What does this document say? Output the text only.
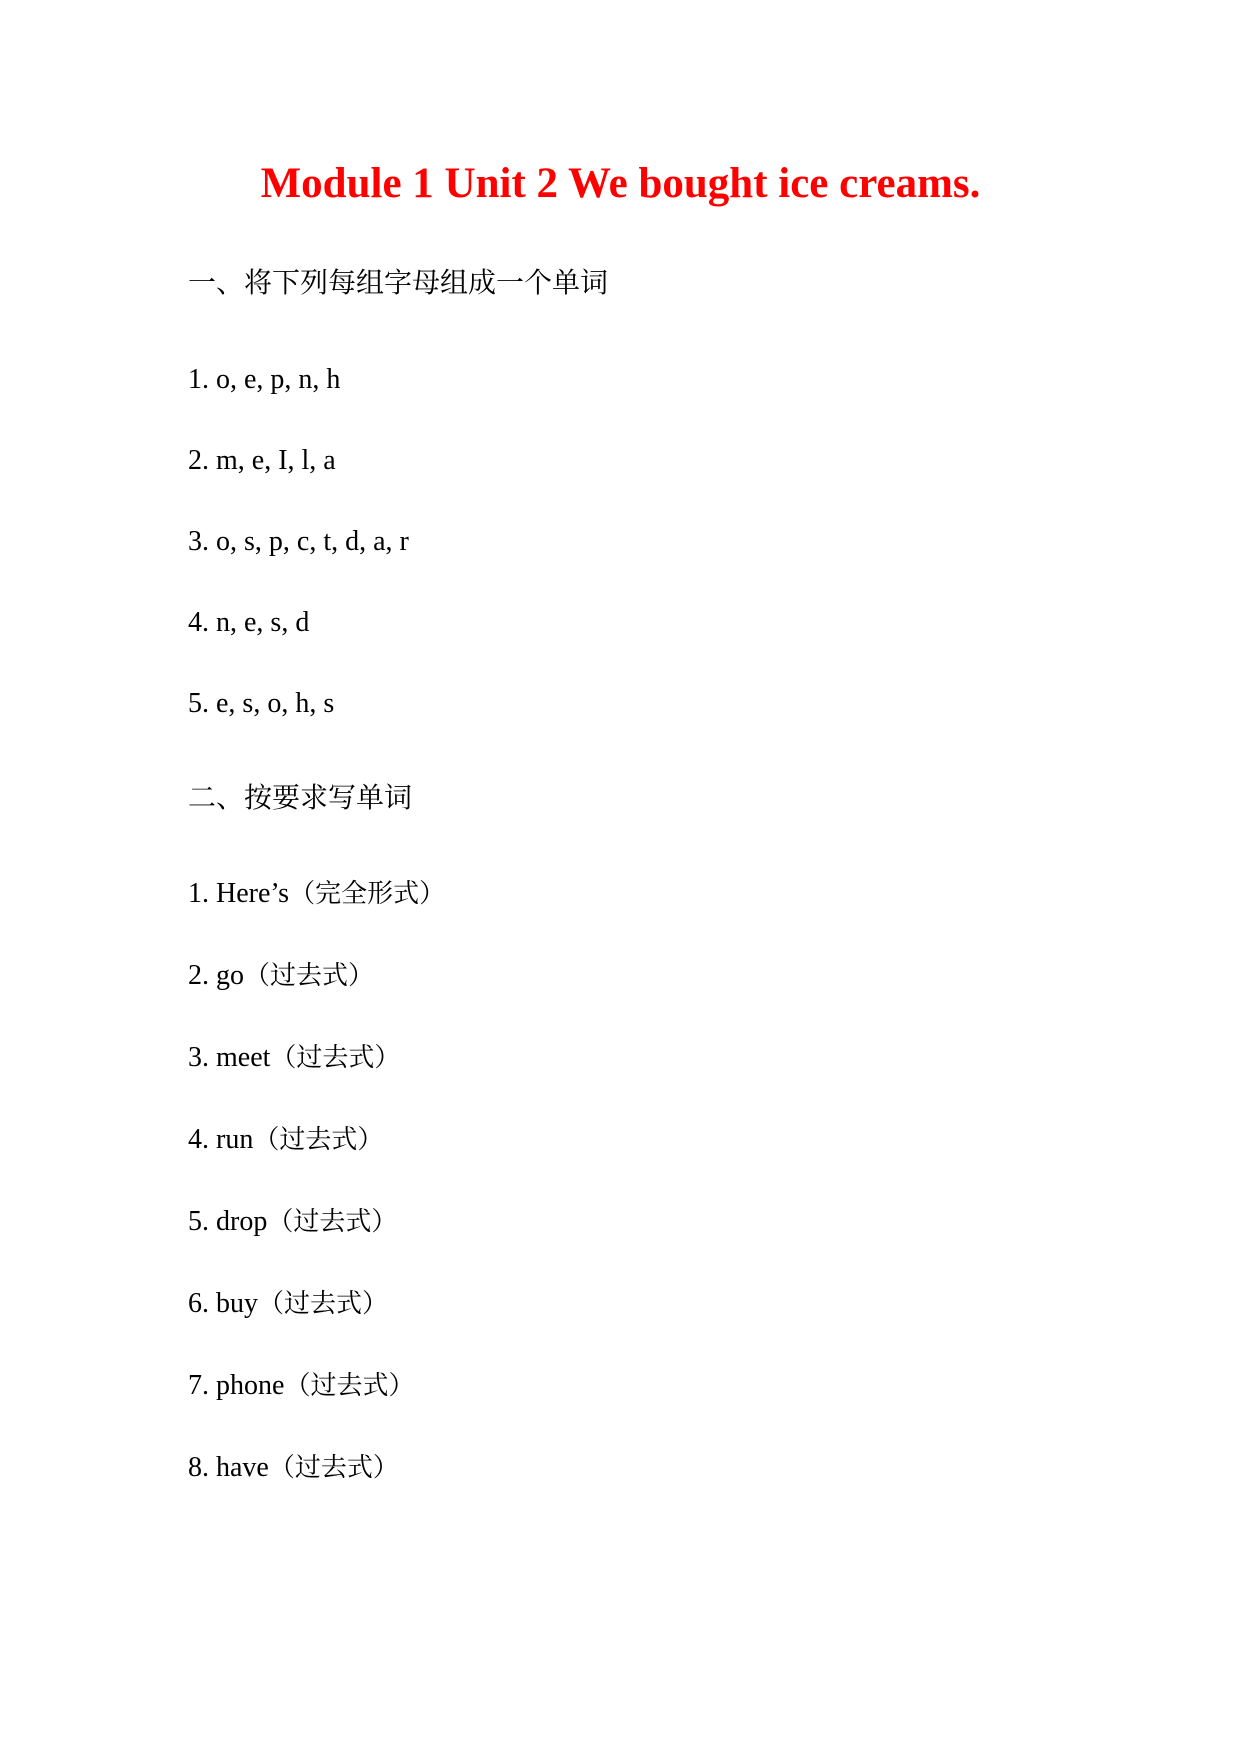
Module 1 Unit 2 We bought ice creams.
一、将下列每组字母组成一个单词

1. o, e, p, n, h

2. m, e, I, l, a

3. o, s, p, c, t, d, a, r

4. n, e, s, d

5. e, s, o, h, s

二、按要求写单词

1. Here’s（完全形式）

2. go（过去式）

3. meet（过去式）

4. run（过去式）

5. drop（过去式）

6. buy（过去式）

7. phone（过去式）

8. have（过去式）
